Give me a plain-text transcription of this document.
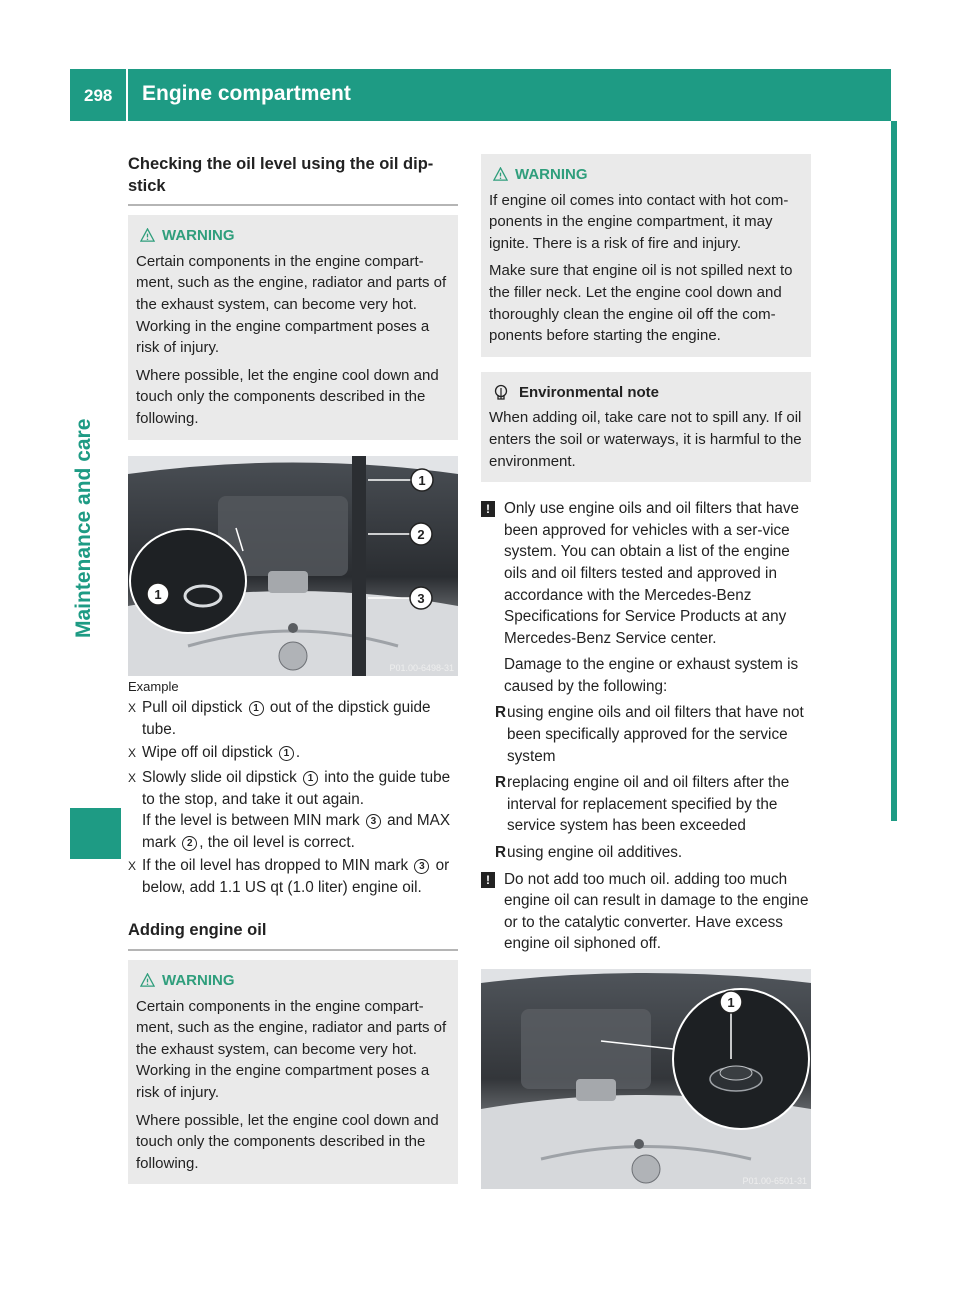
298 Engine compartment
Maintenance and care
Checking the oil level using the oil dip-stick
WARNING

Certain components in the engine compart-ment, such as the engine, radiator and parts of the exhaust system, can become very hot. Working in the engine compartment poses a risk of injury.

Where possible, let the engine cool down and touch only the components described in the following.

1
1
2
3
P01.00-6498-31

Example

X Pull oil dipstick 1 out of the dipstick guide tube.
X Wipe off oil dipstick 1 .
X Slowly slide oil dipstick 1 into the guide tube to the stop, and take it out again.
If the level is between MIN mark 3 and MAX mark 2 , the oil level is correct.
X If the oil level has dropped to MIN mark 3 or below, add 1.1 US qt (1.0 liter) engine oil.
Adding engine oil
WARNING

Certain components in the engine compart-ment, such as the engine, radiator and parts of the exhaust system, can become very hot. Working in the engine compartment poses a risk of injury.

Where possible, let the engine cool down and touch only the components described in the following.

WARNING

If engine oil comes into contact with hot com-ponents in the engine compartment, it may ignite. There is a risk of fire and injury.

Make sure that engine oil is not spilled next to the filler neck. Let the engine cool down and thoroughly clean the engine oil off the com-ponents before starting the engine.

Environmental note

When adding oil, take care not to spill any. If oil enters the soil or waterways, it is harmful to the environment.

! Only use engine oils and oil filters that have been approved for vehicles with a ser-vice system. You can obtain a list of the engine oils and oil filters tested and approved in accordance with the Mercedes-Benz Specifications for Service Products at any Mercedes-Benz Service center.

Damage to the engine or exhaust system is caused by the following:

R using engine oils and oil filters that have not been specifically approved for the service system
R replacing engine oil and oil filters after the interval for replacement specified by the service system has been exceeded
R using engine oil additives.
! Do not add too much oil. adding too much engine oil can result in damage to the engine or to the catalytic converter. Have excess engine oil siphoned off.

1
P01.00-6501-31
